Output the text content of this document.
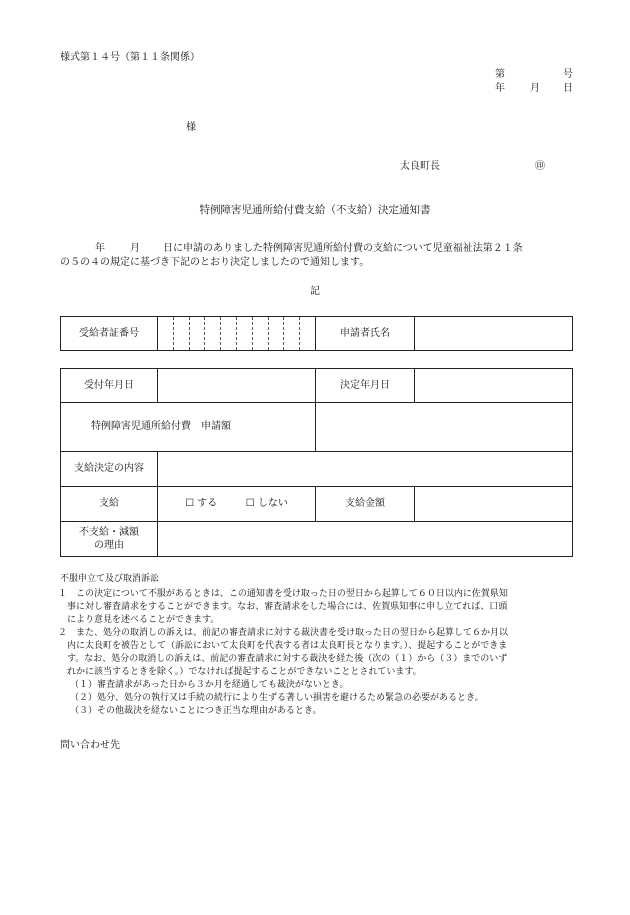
様式第１４号（第１１条関係）
第	号
年	月 日
様
太良町長	㊞
特例障害児通所給付費支給（不支給）決定通知書
年	月 日に申請のありました特例障害児通所給付費の支給について児童福祉法第２１条
の５の４の規定に基づき下記のとおり決定しましたので通知します。
記
受給者証番号		申請者氏名	
受付年月日		決定年月日	
特例障害児通所給付費　申請額			
支給決定の内容			
支給	☐ する ☐ しない	支給金額	

不支給・減額
の理由			

不服申立て及び取消訴訟

１　この決定について不服があるときは、この通知書を受け取った日の翌日から起算して６０日以内に佐賀県知

　事に対し審査請求をすることができます。なお、審査請求をした場合には、佐賀県知事に申し立てれば、口頭

　により意見を述べることができます。

２　また、処分の取消しの訴えは、前記の審査請求に対する裁決書を受け取った日の翌日から起算して６か月以

　内に太良町を被告として（訴訟において太良町を代表する者は太良町長となります。）、提起することができま

　す。なお、処分の取消しの訴えは、前記の審査請求に対する裁決を経た後（次の（１）から（３）までのいず

　れかに該当するときを除く。）でなければ提起することができないこととされています。

（１）審査請求があった日から３か月を経過しても裁決がないとき。

（２）処分、処分の執行又は手続の続行により生ずる著しい損害を避けるため緊急の必要があるとき。

（３）その他裁決を経ないことにつき正当な理由があるとき。

問い合わせ先
